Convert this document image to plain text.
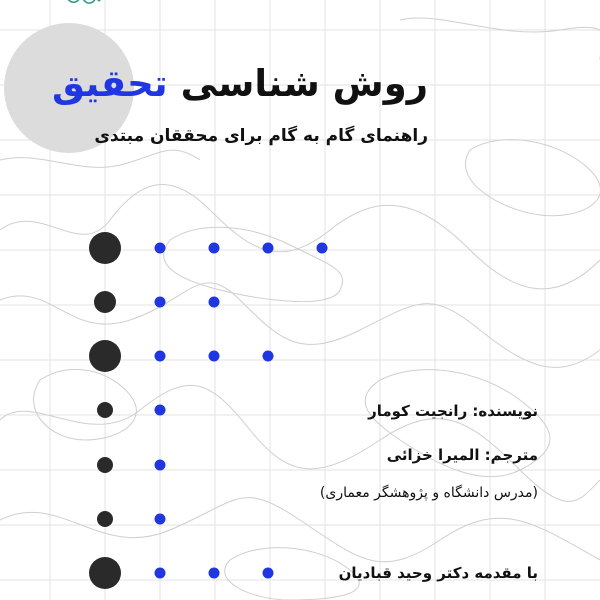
روش شناسی تحقیق
راهنمای گام به گام برای محققان مبتدی
نویسنده: رانجیت کومار
مترجم: المیرا خزائی
(مدرس دانشگاه و پژوهشگر معماری)
با مقدمه دکتر وحید قبادیان
